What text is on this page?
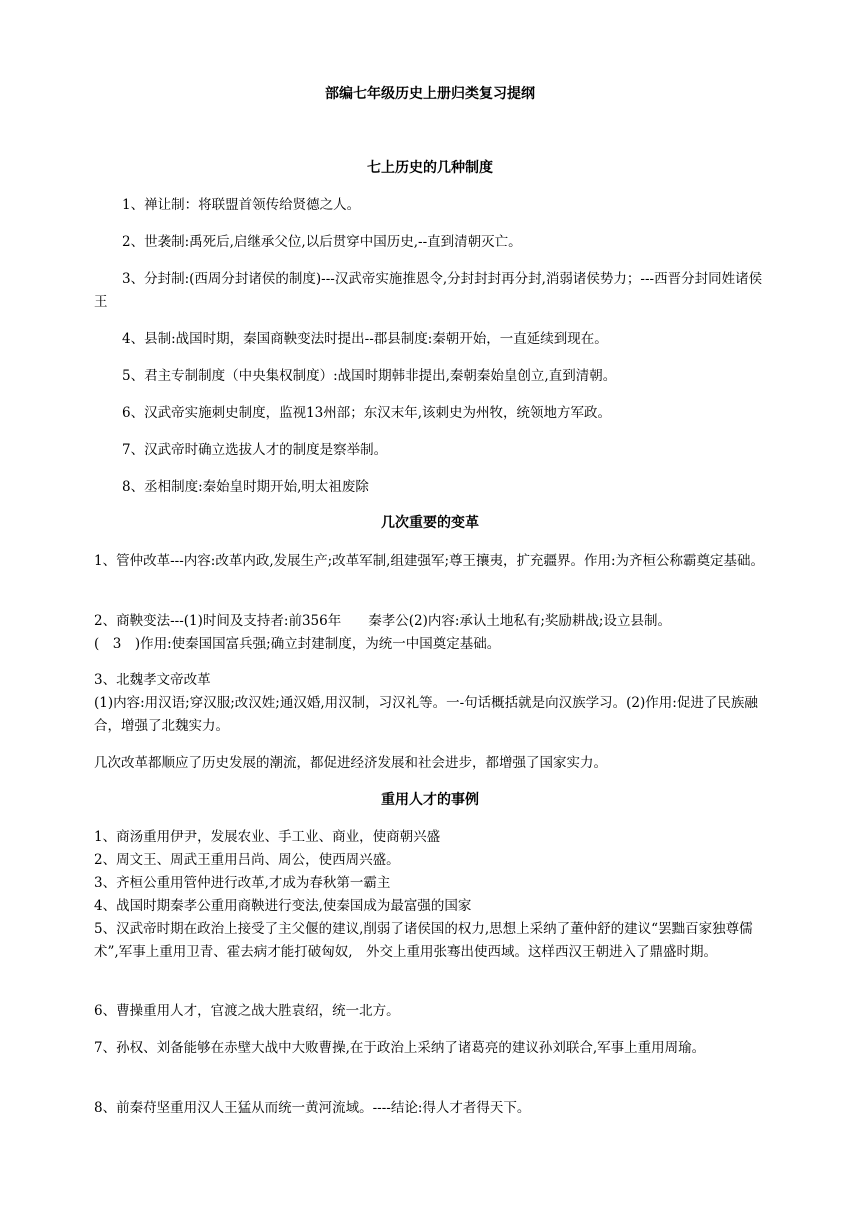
部编七年级历史上册归类复习提纲
七上历史的几种制度
1、禅让制：将联盟首领传给贤德之人。
2、世袭制:禹死后,启继承父位,以后贯穿中国历史,--直到清朝灭亡。
3、分封制:(西周分封诸侯的制度)---汉武帝实施推恩令,分封封封再分封,消弱诸侯势力；---西晋分封同姓诸侯王
4、县制:战国时期，秦国商鞅变法时提出--郡县制度:秦朝开始，一直延续到现在。
5、君主专制制度（中央集权制度）:战国时期韩非提出,秦朝秦始皇创立,直到清朝。
6、汉武帝实施刺史制度，监视13州部；东汉末年,该刺史为州牧，统领地方军政。
7、汉武帝时确立选拔人才的制度是察举制。
8、丞相制度:秦始皇时期开始,明太祖废除
几次重要的变革
1、管仲改革---内容:改革内政,发展生产;改革军制,组建强军;尊王攘夷，扩充疆界。作用:为齐桓公称霸奠定基础。
2、商鞅变法---(1)时间及支持者:前356年　　秦孝公(2)内容:承认土地私有;奖励耕战;设立县制。
(　3　)作用:使秦国国富兵强;确立封建制度，为统一中国奠定基础。
3、北魏孝文帝改革
(1)内容:用汉语;穿汉服;改汉姓;通汉婚,用汉制，习汉礼等。一-句话概括就是向汉族学习。(2)作用:促进了民族融合，增强了北魏实力。
几次改革都顺应了历史发展的潮流，都促进经济发展和社会进步，都增强了国家实力。
重用人才的事例
1、商汤重用伊尹，发展农业、手工业、商业，使商朝兴盛
2、周文王、周武王重用吕尚、周公，使西周兴盛。
3、齐桓公重用管仲进行改革,才成为春秋第一霸主
4、战国时期秦孝公重用商鞅进行变法,使秦国成为最富强的国家
5、汉武帝时期在政治上接受了主父偃的建议,削弱了诸侯国的权力,思想上采纳了董仲舒的建议“罢黜百家独尊儒术”,军事上重用卫青、霍去病才能打破匈奴,　外交上重用张骞出使西域。这样西汉王朝进入了鼎盛时期。
6、曹操重用人才，官渡之战大胜袁绍，统一北方。
7、孙权、刘备能够在赤壁大战中大败曹操,在于政治上采纳了诸葛亮的建议孙刘联合,军事上重用周瑜。
8、前秦苻坚重用汉人王猛从而统一黄河流域。----结论:得人才者得天下。
